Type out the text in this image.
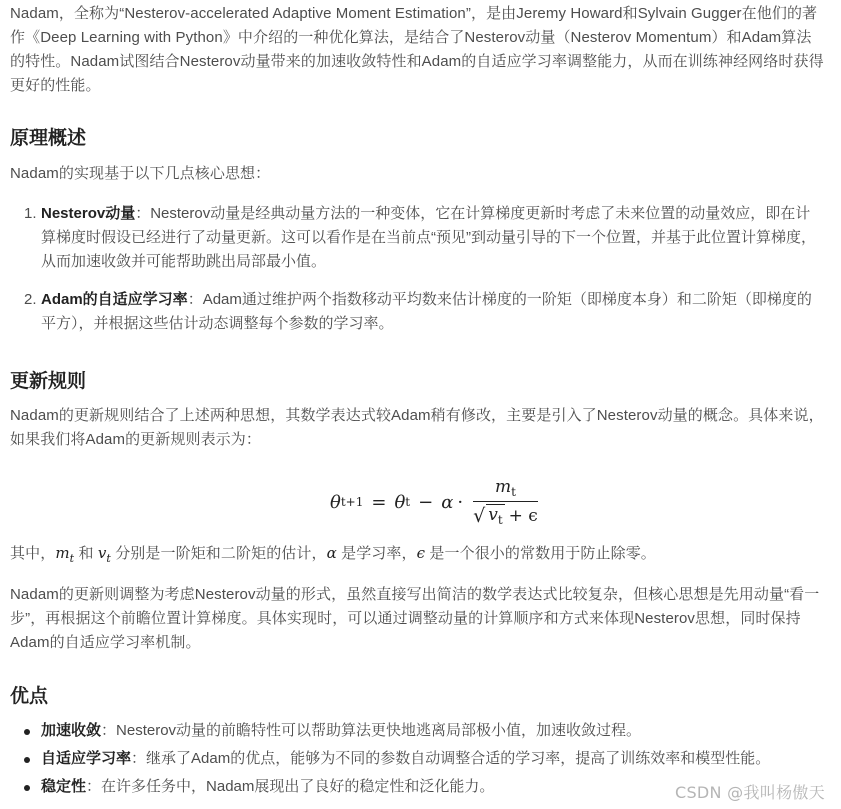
Nadam，全称为“Nesterov-accelerated Adaptive Moment Estimation”，是由Jeremy Howard和Sylvain Gugger在他们的著作《Deep Learning with Python》中介绍的一种优化算法，是结合了Nesterov动量（Nesterov Momentum）和Adam算法的特性。Nadam试图结合Nesterov动量带来的加速收敛特性和Adam的自适应学习率调整能力，从而在训练神经网络时获得更好的性能。

原理概述

Nadam的实现基于以下几点核心思想：

1. Nesterov动量：Nesterov动量是经典动量方法的一种变体，它在计算梯度更新时考虑了未来位置的动量效应，即在计算梯度时假设已经进行了动量更新。这可以看作是在当前点“预见”到动量引导的下一个位置，并基于此位置计算梯度，从而加速收敛并可能帮助跳出局部最小值。
2. Adam的自适应学习率：Adam通过维护两个指数移动平均数来估计梯度的一阶矩（即梯度本身）和二阶矩（即梯度的平方），并根据这些估计动态调整每个参数的学习率。
更新规则

Nadam的更新规则结合了上述两种思想，其数学表达式较Adam稍有修改，主要是引入了Nesterov动量的概念。具体来说，如果我们将Adam的更新规则表示为：

θ t+1 = θ $t - \alpha \cdot \frac{m_t}{√ v_t + \epsilon}$

其中，$m_t$ 和 $v_t$ 分别是一阶矩和二阶矩的估计，α 是学习率，ϵ 是一个很小的常数用于防止除零。

Nadam的更新则调整为考虑Nesterov动量的形式，虽然直接写出简洁的数学表达式比较复杂，但核心思想是先用动量“看一步”，再根据这个前瞻位置计算梯度。具体实现时，可以通过调整动量的计算顺序和方式来体现Nesterov思想，同时保持Adam的自适应学习率机制。

优点
加速收敛：Nesterov动量的前瞻特性可以帮助算法更快地逃离局部极小值，加速收敛过程。
自适应学习率：继承了Adam的优点，能够为不同的参数自动调整合适的学习率，提高了训练效率和模型性能。
稳定性：在许多任务中，Nadam展现出了良好的稳定性和泛化能力。	CSDN @我叫杨傲天
